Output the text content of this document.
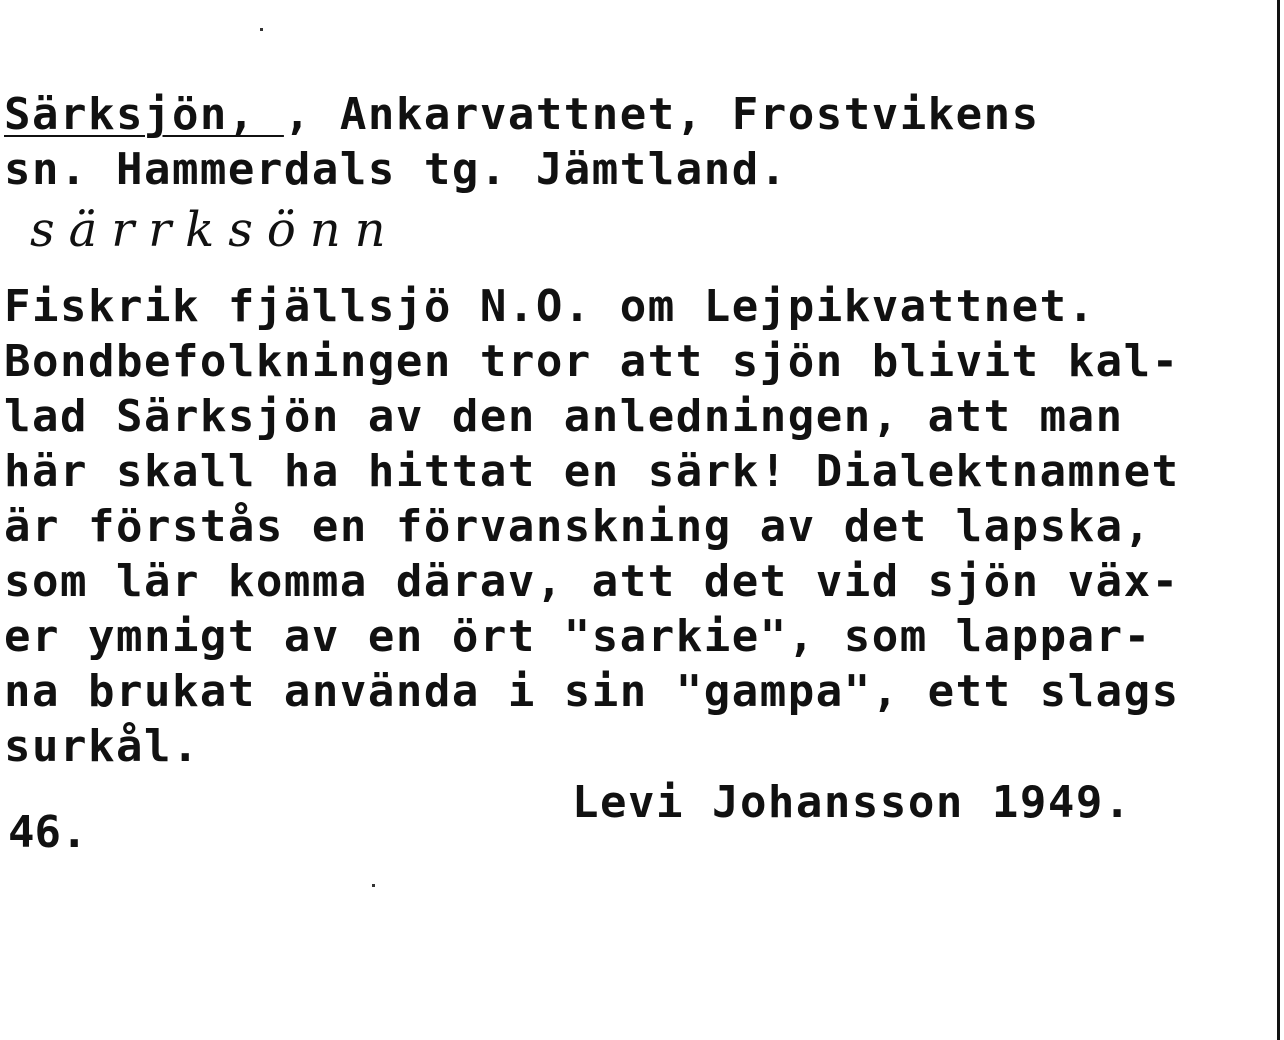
Särksjön, , Ankarvattnet, Frostvikens
sn. Hammerdals tg. Jämtland.
särrksönn
Fiskrik fjällsjö N.O. om Lejpikvattnet.
Bondbefolkningen tror att sjön blivit kal-
lad Särksjön av den anledningen, att man
här skall ha hittat en särk! Dialektnamnet
är förstås en förvanskning av det lapska,
som lär komma därav, att det vid sjön väx-
er ymnigt av en ört "sarkie", som lappar-
na brukat använda i sin "gampa", ett slags
surkål.
46.
Levi Johansson 1949.
